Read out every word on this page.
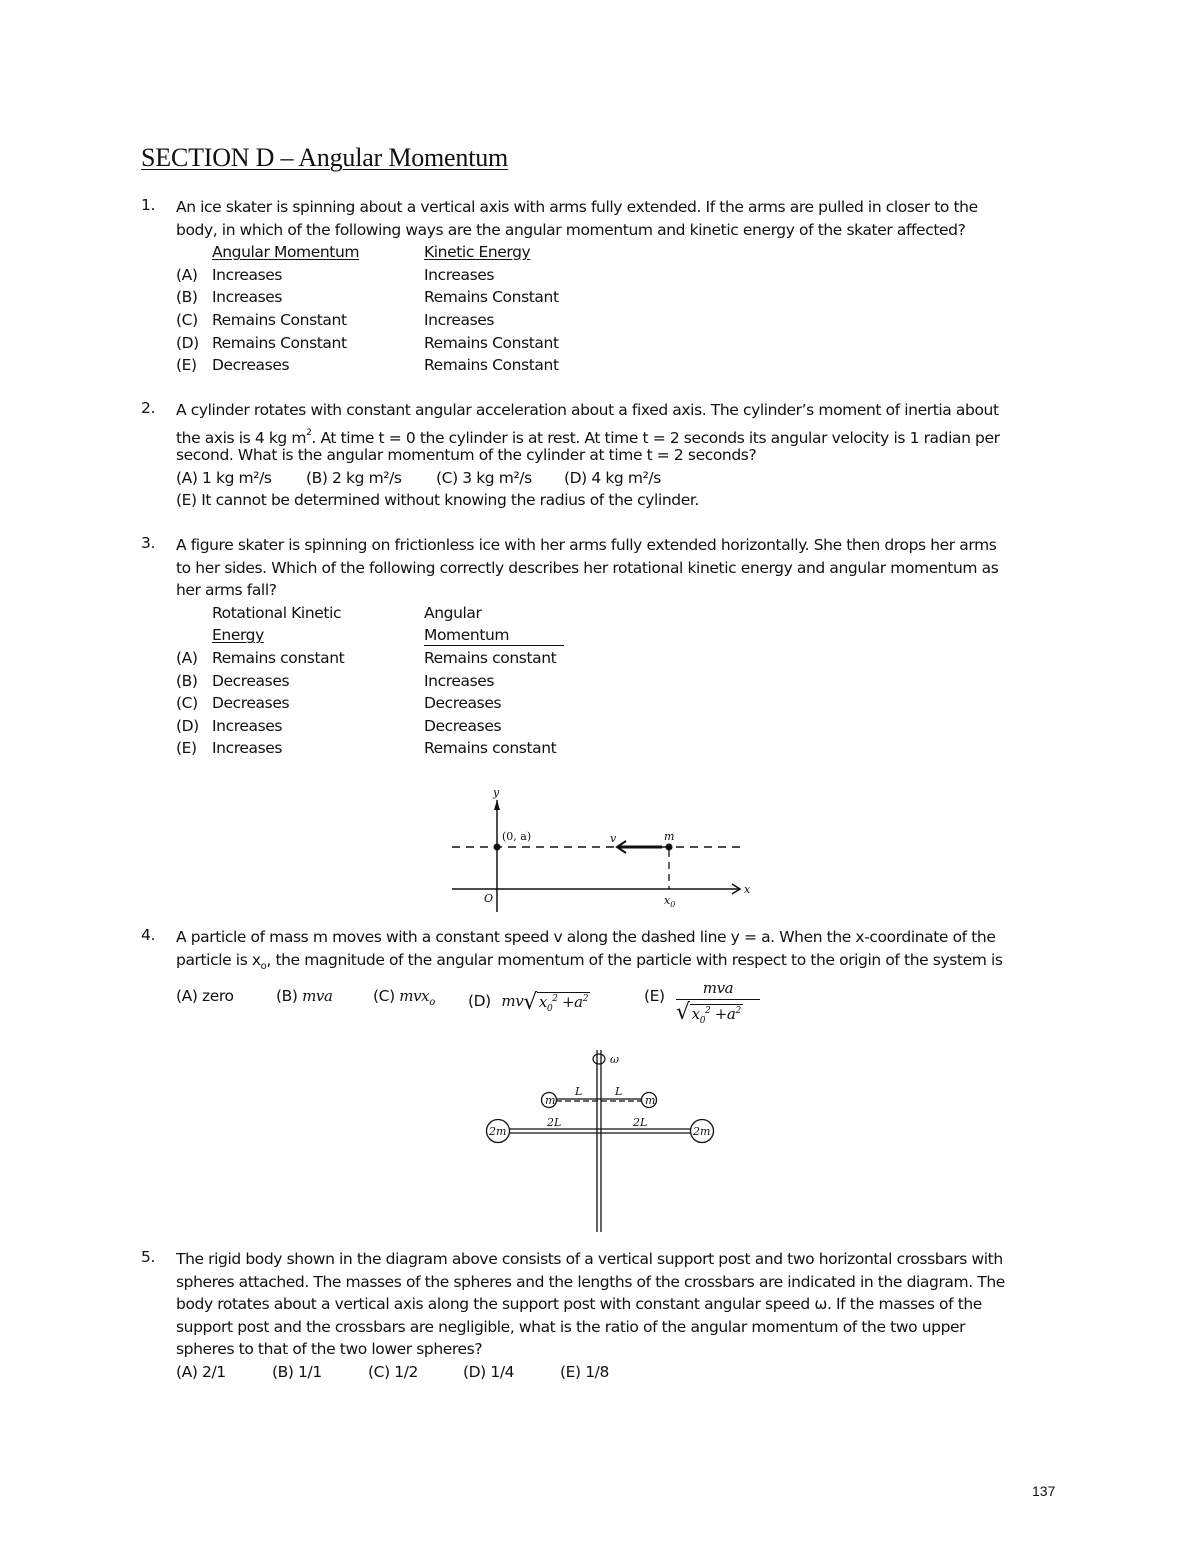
SECTION D – Angular Momentum
1. An ice skater is spinning about a vertical axis with arms fully extended. If the arms are pulled in closer to the
body, in which of the following ways are the angular momentum and kinetic energy of the skater affected?
Angular Momentum	Kinetic Energy
(A) Increases	Increases
(B) Increases	Remains Constant
(C) Remains Constant	Increases
(D) Remains Constant	Remains Constant
(E) Decreases	Remains Constant
2. A cylinder rotates with constant angular acceleration about a fixed axis. The cylinder’s moment of inertia about
the axis is 4 kg $m^2$. At time t = 0 the cylinder is at rest. At time t = 2 seconds its angular velocity is 1 radian per
second. What is the angular momentum of the cylinder at time t = 2 seconds?
(A) 1 kg m²/s (B) 2 kg m²/s (C) 3 kg m²/s (D) 4 kg m²/s
(E) It cannot be determined without knowing the radius of the cylinder.
3. A figure skater is spinning on frictionless ice with her arms fully extended horizontally. She then drops her arms
to her sides. Which of the following correctly describes her rotational kinetic energy and angular momentum as
her arms fall?
Rotational Kinetic	Angular
Energy	Momentum
(A) Remains constant	Remains constant
(B) Decreases	Increases
(C) Decreases	Decreases
(D) Increases	Decreases
(E) Increases	Remains constant
y
x
O
(0, a)	v	m
$x_0$
4. A particle of mass m moves with a constant speed v along the dashed line y = a. When the x-coordinate of the
particle is $x_o$, the magnitude of the angular momentum of the particle with respect to the origin of the system is
(A) zero	(B) mva	(C) mvx$_o$ (D) mv√ $x_0^2 +a^2$	(E)	mva
√ $x_0^2 +a^2$
ω
m	m
L	L
2m	2m
2L	2L
5. The rigid body shown in the diagram above consists of a vertical support post and two horizontal crossbars with
spheres attached. The masses of the spheres and the lengths of the crossbars are indicated in the diagram. The
body rotates about a vertical axis along the support post with constant angular speed ω. If the masses of the
support post and the crossbars are negligible, what is the ratio of the angular momentum of the two upper
spheres to that of the two lower spheres?
(A) 2/1	(B) 1/1	(C) 1/2	(D) 1/4	(E) 1/8
137
